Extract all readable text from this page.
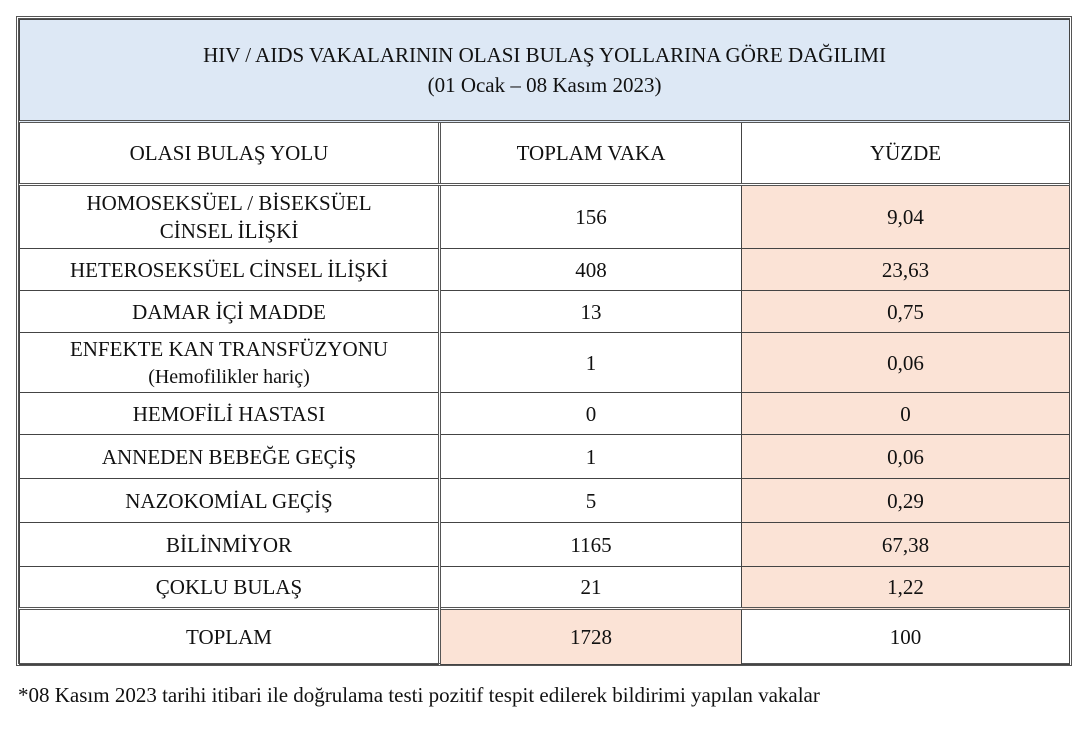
HIV / AIDS VAKALARININ OLASI BULAŞ YOLLARINA GÖRE DAĞILIMI
(01 Ocak – 08 Kasım 2023)		

OLASI BULAŞ YOLU	TOPLAM VAKA	YÜZDE

HOMOSEKSÜEL / BİSEKSÜEL
CİNSEL İLİŞKİ	156	9,04

HETEROSEKSÜEL CİNSEL İLİŞKİ	408	23,63

DAMAR İÇİ MADDE	13	0,75

ENFEKTE KAN TRANSFÜZYONU
(Hemofilikler hariç)	1	0,06

HEMOFİLİ HASTASI	0	0

ANNEDEN BEBEĞE GEÇİŞ	1	0,06

NAZOKOMİAL GEÇİŞ	5	0,29

BİLİNMİYOR	1165	67,38

ÇOKLU BULAŞ	21	1,22
TOPLAM	1728	100
*08 Kasım 2023 tarihi itibari ile doğrulama testi pozitif tespit edilerek bildirimi yapılan vakalar
